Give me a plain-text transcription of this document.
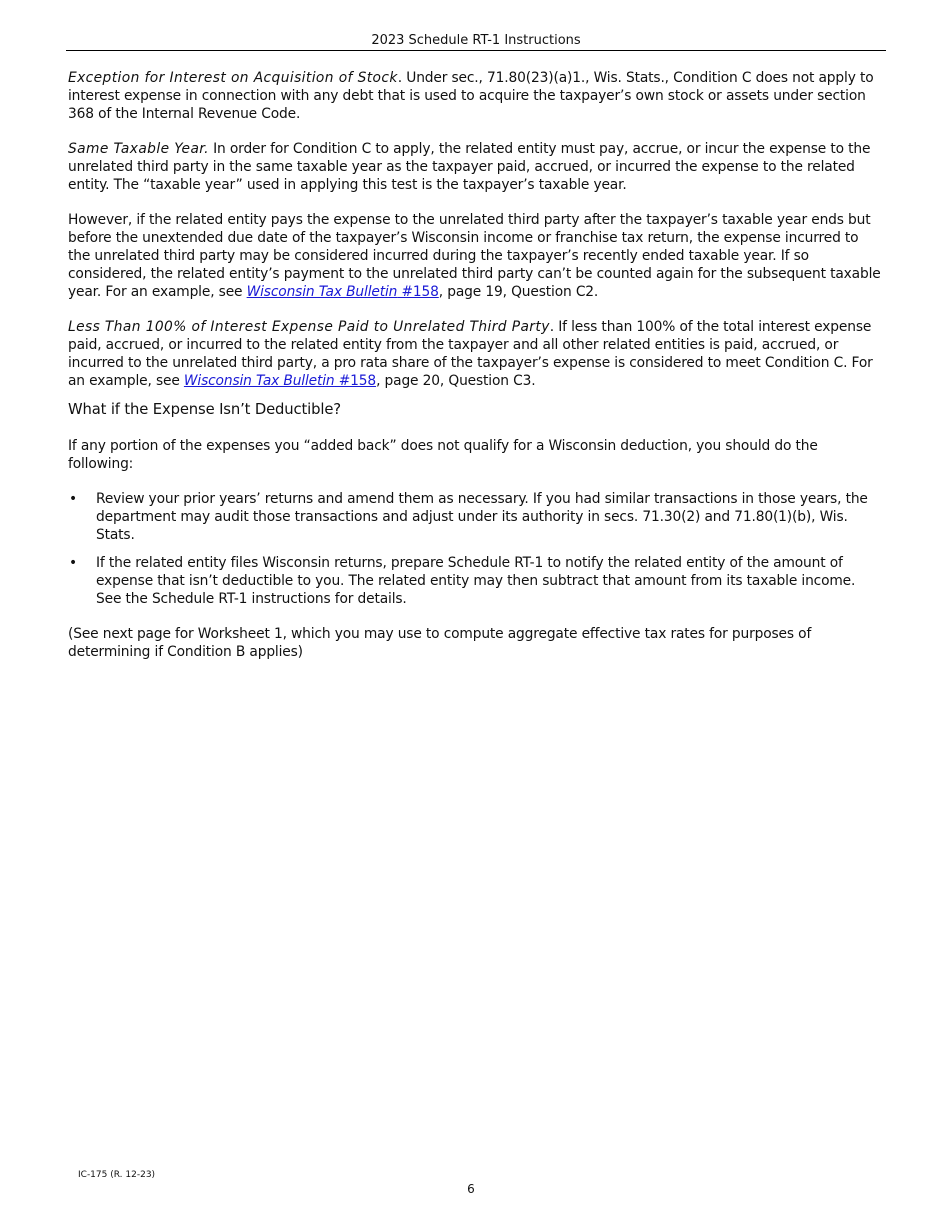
2023 Schedule RT-1 Instructions

Exception for Interest on Acquisition of Stock. Under sec., 71.80(23)(a)1., Wis. Stats., Condition C does not apply to interest expense in connection with any debt that is used to acquire the taxpayer’s own stock or assets under section 368 of the Internal Revenue Code.

Same Taxable Year. In order for Condition C to apply, the related entity must pay, accrue, or incur the expense to the unrelated third party in the same taxable year as the taxpayer paid, accrued, or incurred the expense to the related entity. The “taxable year” used in applying this test is the taxpayer’s taxable year.

However, if the related entity pays the expense to the unrelated third party after the taxpayer’s taxable year ends but before the unextended due date of the taxpayer’s Wisconsin income or franchise tax return, the expense incurred to the unrelated third party may be considered incurred during the taxpayer’s recently ended taxable year. If so considered, the related entity’s payment to the unrelated third party can’t be counted again for the subsequent taxable year. For an example, see Wisconsin Tax Bulletin #158, page 19, Question C2.

Less Than 100% of Interest Expense Paid to Unrelated Third Party. If less than 100% of the total interest expense paid, accrued, or incurred to the related entity from the taxpayer and all other related entities is paid, accrued, or incurred to the unrelated third party, a pro rata share of the taxpayer’s expense is considered to meet Condition C. For an example, see Wisconsin Tax Bulletin #158, page 20, Question C3.

What if the Expense Isn’t Deductible?

If any portion of the expenses you “added back” does not qualify for a Wisconsin deduction, you should do the following:

• Review your prior years’ returns and amend them as necessary. If you had similar transactions in those years, the department may audit those transactions and adjust under its authority in secs. 71.30(2) and 71.80(1)(b), Wis. Stats.
• If the related entity files Wisconsin returns, prepare Schedule RT-1 to notify the related entity of the amount of expense that isn’t deductible to you. The related entity may then subtract that amount from its taxable income. See the Schedule RT-1 instructions for details.

(See next page for Worksheet 1, which you may use to compute aggregate effective tax rates for purposes of determining if Condition B applies)

IC-175 (R. 12-23)
6
